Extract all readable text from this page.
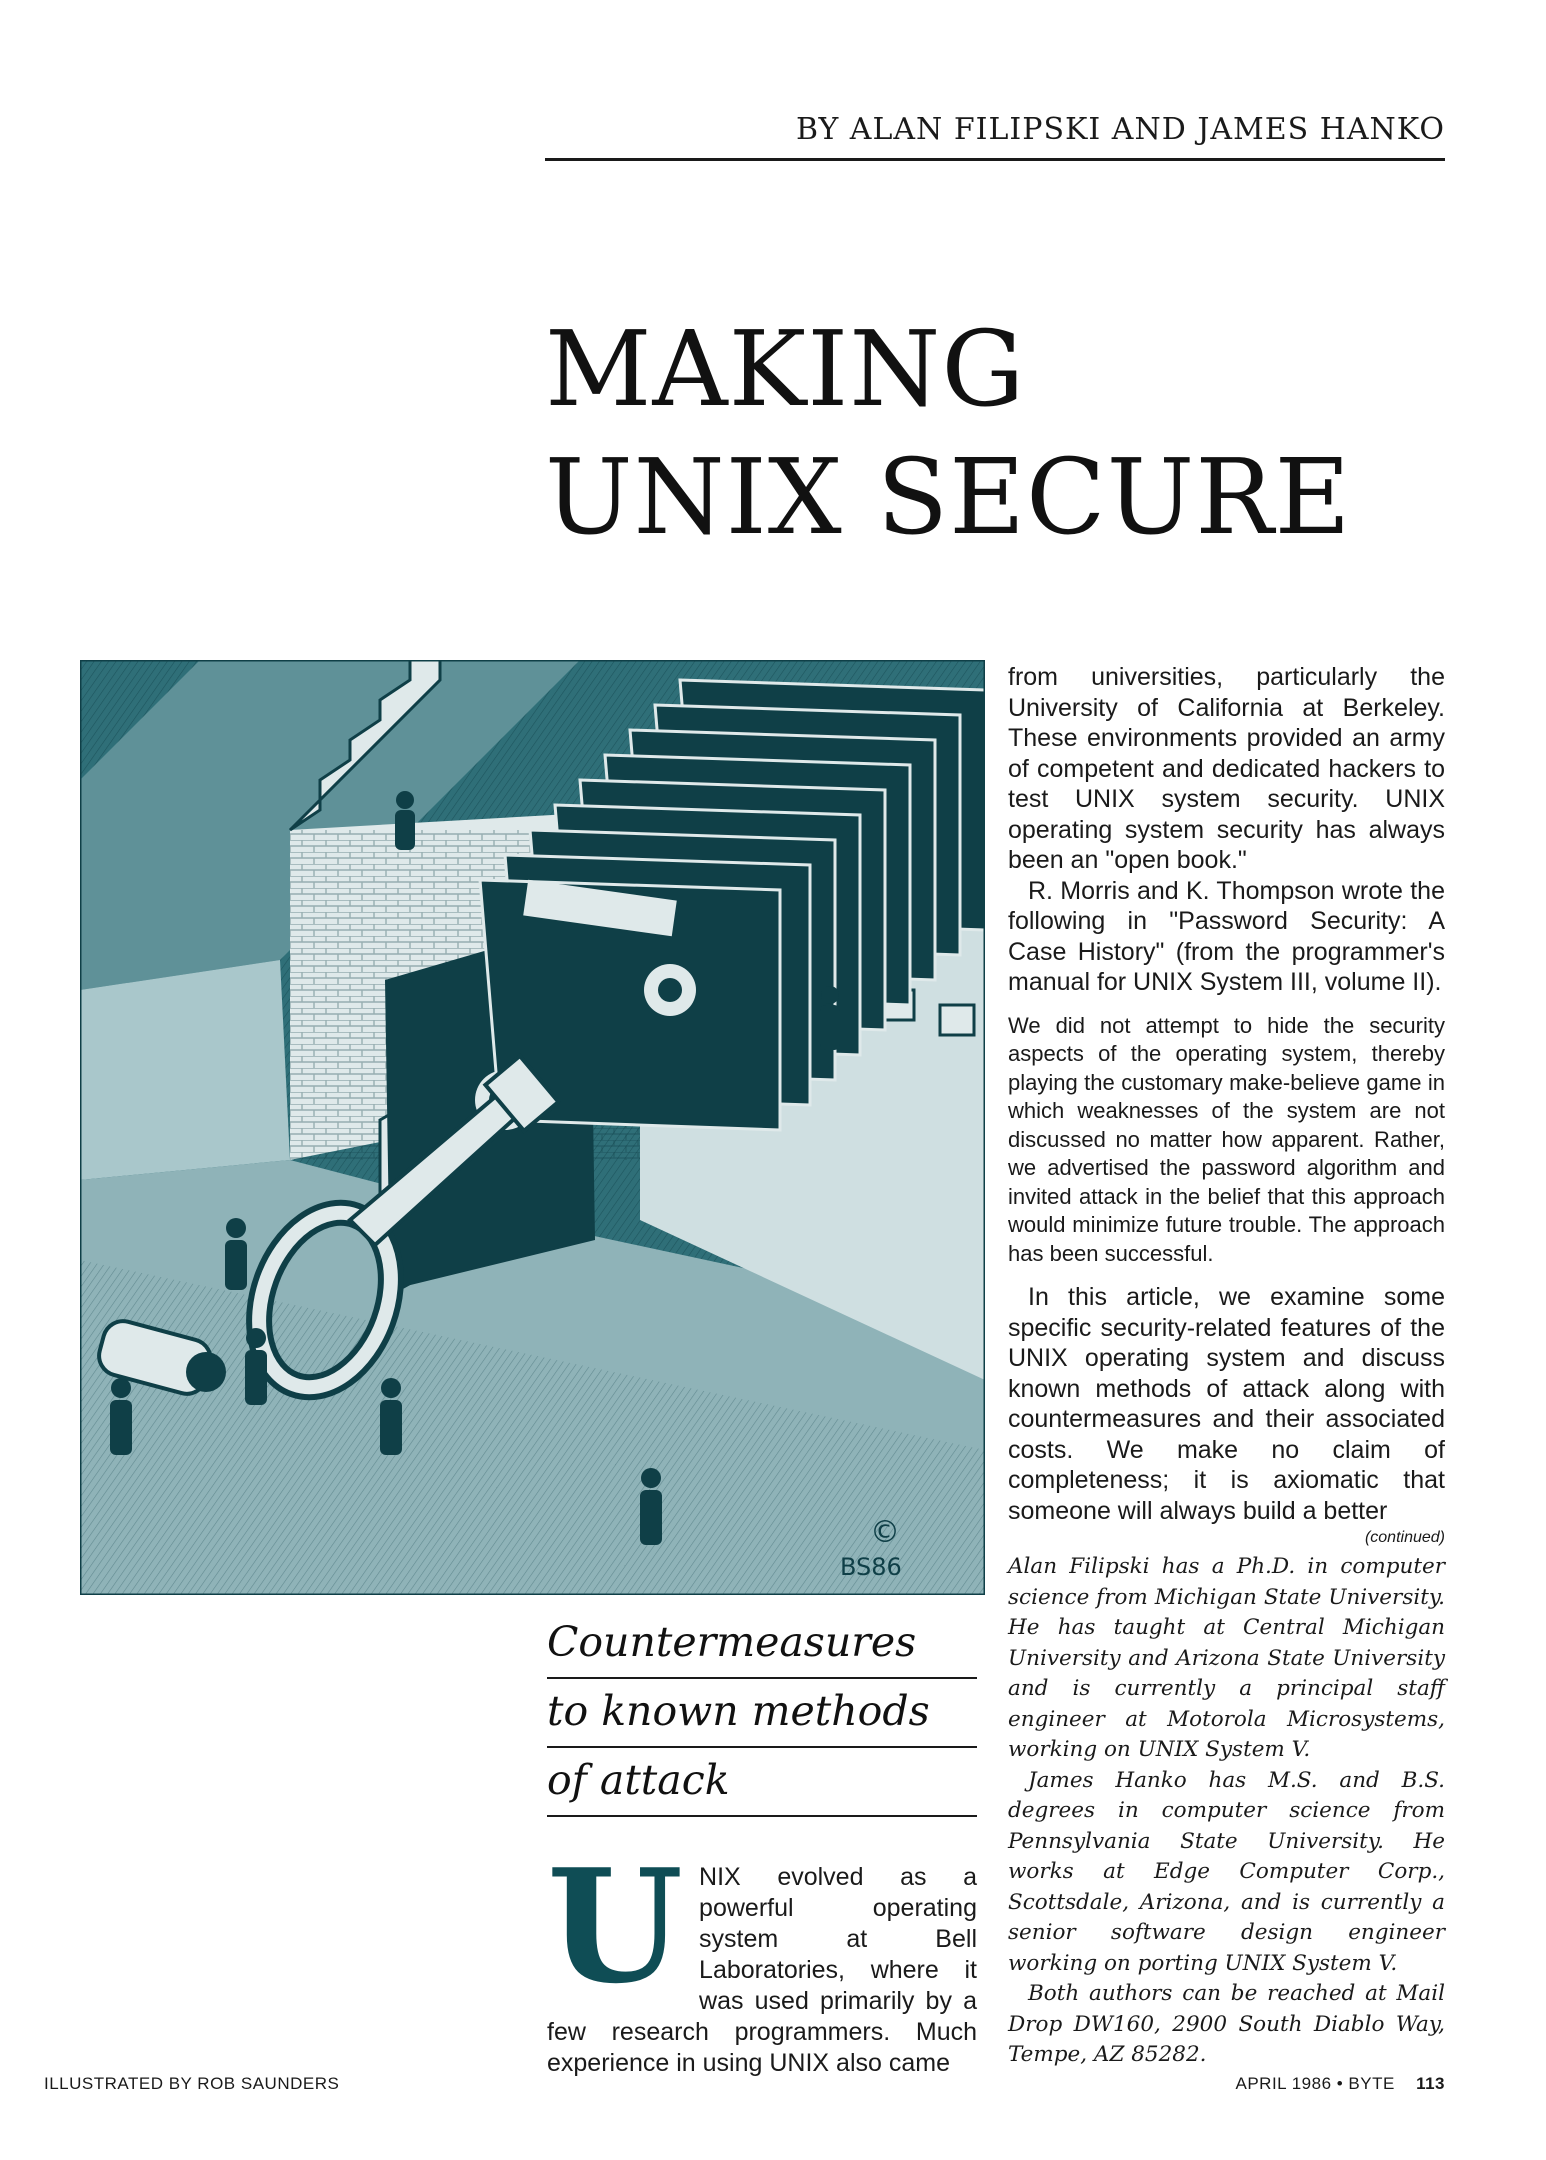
BY ALAN FILIPSKI AND JAMES HANKO
MAKING
UNIX SECURE
©
BS86
Countermeasures
to known methods
of attack
U NIX evolved as a powerful operating system at Bell Laboratories, where it was used primarily by a few research programmers. Much experience in using UNIX also came

from universities, particularly the University of California at Berkeley. These environments provided an army of competent and dedicated hackers to test UNIX system security. UNIX operating system security has always been an "open book."

R. Morris and K. Thompson wrote the following in "Password Security: A Case History" (from the programmer's manual for UNIX System III, volume II).

We did not attempt to hide the security aspects of the operating system, thereby playing the customary make-believe game in which weaknesses of the system are not discussed no matter how apparent. Rather, we advertised the password algorithm and invited attack in the belief that this approach would minimize future trouble. The approach has been successful.

In this article, we examine some specific security-related features of the UNIX operating system and discuss known methods of attack along with countermeasures and their associated costs. We make no claim of completeness; it is axiomatic that someone will always build a better

(continued)

Alan Filipski has a Ph.D. in computer science from Michigan State University. He has taught at Central Michigan University and Arizona State University and is currently a principal staff engineer at Motorola Microsystems, working on UNIX System V.

James Hanko has M.S. and B.S. degrees in computer science from Pennsylvania State University. He works at Edge Computer Corp., Scottsdale, Arizona, and is currently a senior software design engineer working on porting UNIX System V.

Both authors can be reached at Mail Drop DW160, 2900 South Diablo Way, Tempe, AZ 85282.

ILLUSTRATED BY ROB SAUNDERS	APRIL 1986 • BYTE 113
